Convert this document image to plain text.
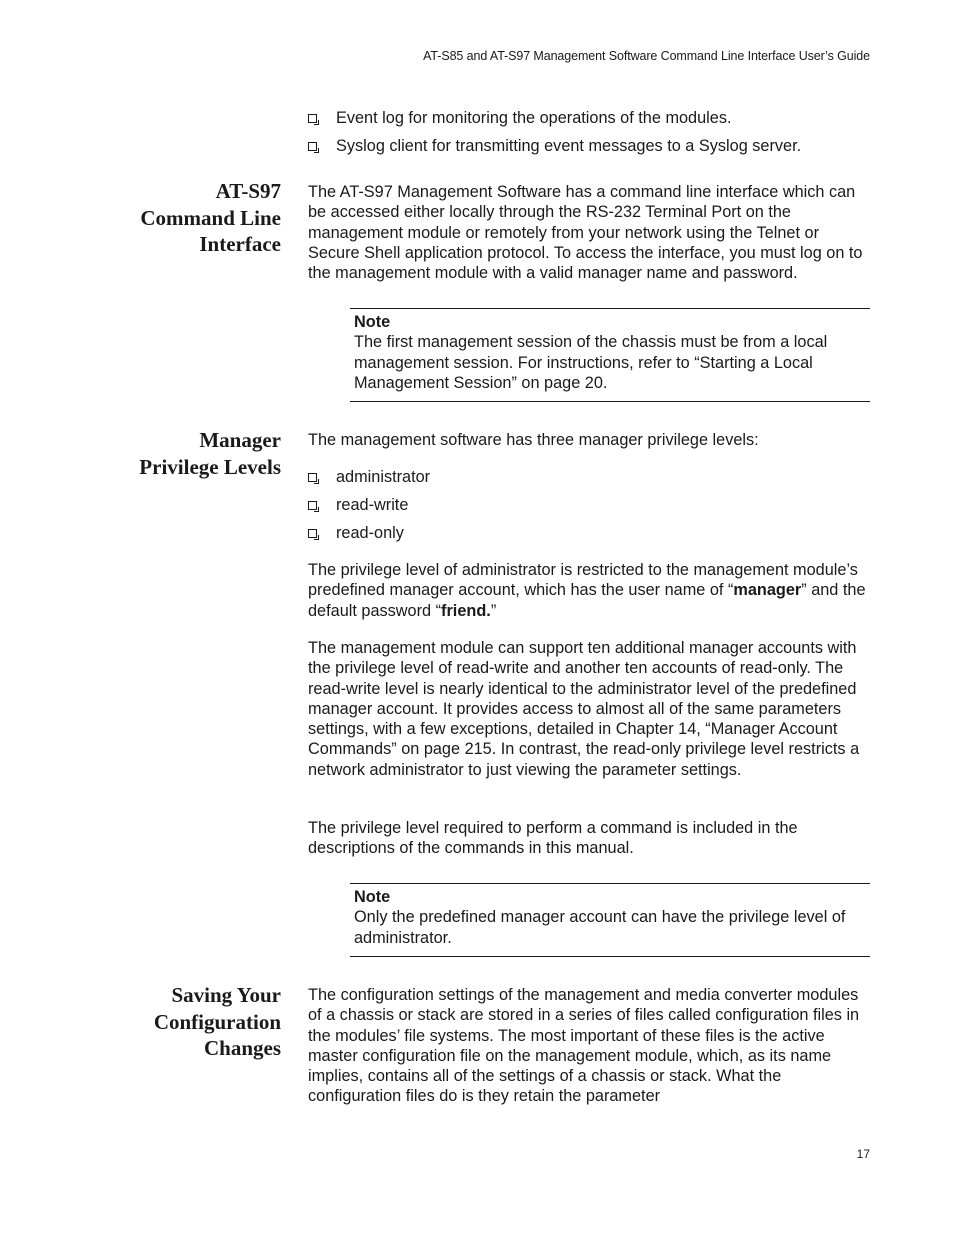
AT-S85 and AT-S97 Management Software Command Line Interface User’s Guide
Event log for monitoring the operations of the modules.
Syslog client for transmitting event messages to a Syslog server.
AT-S97
Command Line
Interface

The AT-S97 Management Software has a command line interface which can be accessed either locally through the RS-232 Terminal Port on the management module or remotely from your network using the Telnet or Secure Shell application protocol. To access the interface, you must log on to the management module with a valid manager name and password.

Note
The first management session of the chassis must be from a local management session. For instructions, refer to “Starting a Local Management Session” on page 20.
Manager
Privilege Levels

The management software has three manager privilege levels:

administrator
read-write
read-only

The privilege level of administrator is restricted to the management module’s predefined manager account, which has the user name of “manager” and the default password “friend.”

The management module can support ten additional manager accounts with the privilege level of read-write and another ten accounts of read-only. The read-write level is nearly identical to the administrator level of the predefined manager account. It provides access to almost all of the same parameters settings, with a few exceptions, detailed in Chapter 14, “Manager Account Commands” on page 215. In contrast, the read-only privilege level restricts a network administrator to just viewing the parameter settings.

The privilege level required to perform a command is included in the descriptions of the commands in this manual.

Note
Only the predefined manager account can have the privilege level of administrator.
Saving Your
Configuration
Changes

The configuration settings of the management and media converter modules of a chassis or stack are stored in a series of files called configuration files in the modules’ file systems. The most important of these files is the active master configuration file on the management module, which, as its name implies, contains all of the settings of a chassis or stack. What the configuration files do is they retain the parameter

17
